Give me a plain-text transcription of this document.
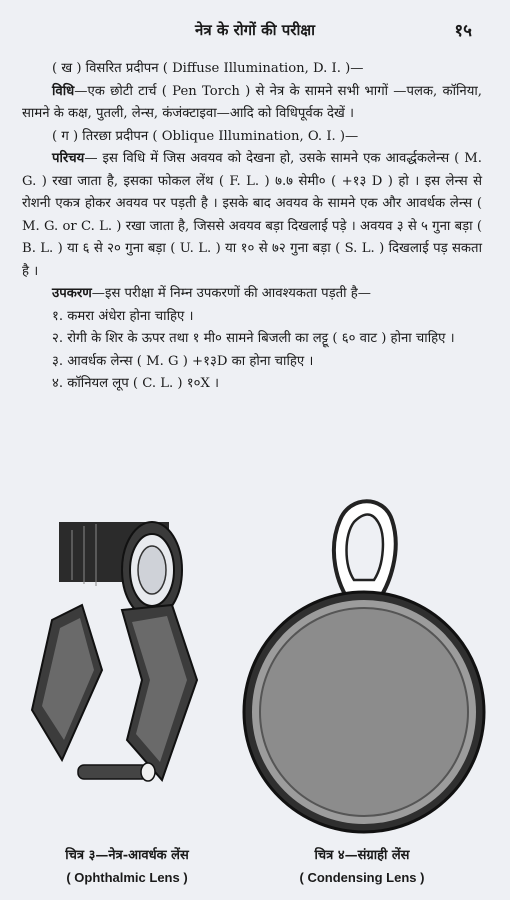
नेत्र के रोगों की परीक्षा	१५

( ख ) विसरित प्रदीपन ( Diffuse Illumination, D. I. )—

विधि—एक छोटी टार्च ( Pen Torch ) से नेत्र के सामने सभी भागों —पलक, कॉनिया, सामने के कक्ष, पुतली, लेन्स, कंजंक्टाइवा—आदि को विधिपूर्वक देखें ।

( ग ) तिरछा प्रदीपन ( Oblique Illumination, O. I. )—

परिचय— इस विधि में जिस अवयव को देखना हो, उसके सामने एक आवर्द्धकलेन्स ( M. G. ) रखा जाता है, इसका फोकल लेंथ ( F. L. ) ७.७ सेमी० ( +१३ D ) हो । इस लेन्स से रोशनी एकत्र होकर अवयव पर पड़ती है । इसके बाद अवयव के सामने एक और आवर्धक लेन्स ( M. G. or C. L. ) रखा जाता है, जिससे अवयव बड़ा दिखलाई पड़े । अवयव ३ से ५ गुना बड़ा ( B. L. ) या ६ से २० गुना बड़ा ( U. L. ) या १० से ७२ गुना बड़ा ( S. L. ) दिखलाई पड़ सकता है ।

उपकरण—इस परीक्षा में निम्न उपकरणों की आवश्यकता पड़ती है—

१. कमरा अंधेरा होना चाहिए ।

२. रोगी के शिर के ऊपर तथा १ मी० सामने बिजली का लट्टू ( ६० वाट ) होना चाहिए ।

३. आवर्धक लेन्स ( M. G ) +१३D का होना चाहिए ।

४. कॉनियल लूप ( C. L. ) १०X ।

चित्र ३—नेत्र-आवर्धक लेंस
( Ophthalmic Lens )
चित्र ४—संग्राही लेंस
( Condensing Lens )
